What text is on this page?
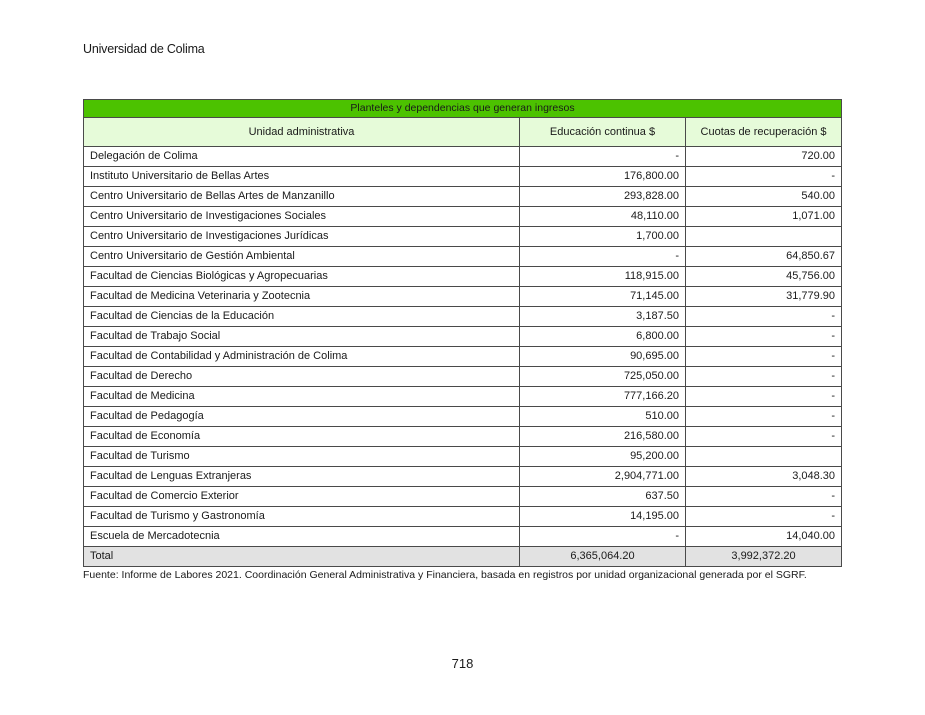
Universidad de Colima
Planteles y dependencias que generan ingresos		
Unidad administrativa	Educación continua $	Cuotas de recuperación $
Delegación de Colima	-	720.00
Instituto Universitario de Bellas Artes	176,800.00	-
Centro Universitario de Bellas Artes de Manzanillo	293,828.00	540.00
Centro Universitario de Investigaciones Sociales	48,110.00	1,071.00
Centro Universitario de Investigaciones Jurídicas	1,700.00	
Centro Universitario de Gestión Ambiental	-	64,850.67
Facultad de Ciencias Biológicas y Agropecuarias	118,915.00	45,756.00
Facultad de Medicina Veterinaria y Zootecnia	71,145.00	31,779.90
Facultad de Ciencias de la Educación	3,187.50	-
Facultad de Trabajo Social	6,800.00	-
Facultad de Contabilidad y Administración de Colima	90,695.00	-
Facultad de Derecho	725,050.00	-
Facultad de Medicina	777,166.20	-
Facultad de Pedagogía	510.00	-
Facultad de Economía	216,580.00	-
Facultad de Turismo	95,200.00	
Facultad de Lenguas Extranjeras	2,904,771.00	3,048.30
Facultad de Comercio Exterior	637.50	-
Facultad de Turismo y Gastronomía	14,195.00	-
Escuela de Mercadotecnia	-	14,040.00
Total	6,365,064.20	3,992,372.20
Fuente: Informe de Labores 2021. Coordinación General Administrativa y Financiera, basada en registros por unidad organizacional generada por el SGRF.
718
